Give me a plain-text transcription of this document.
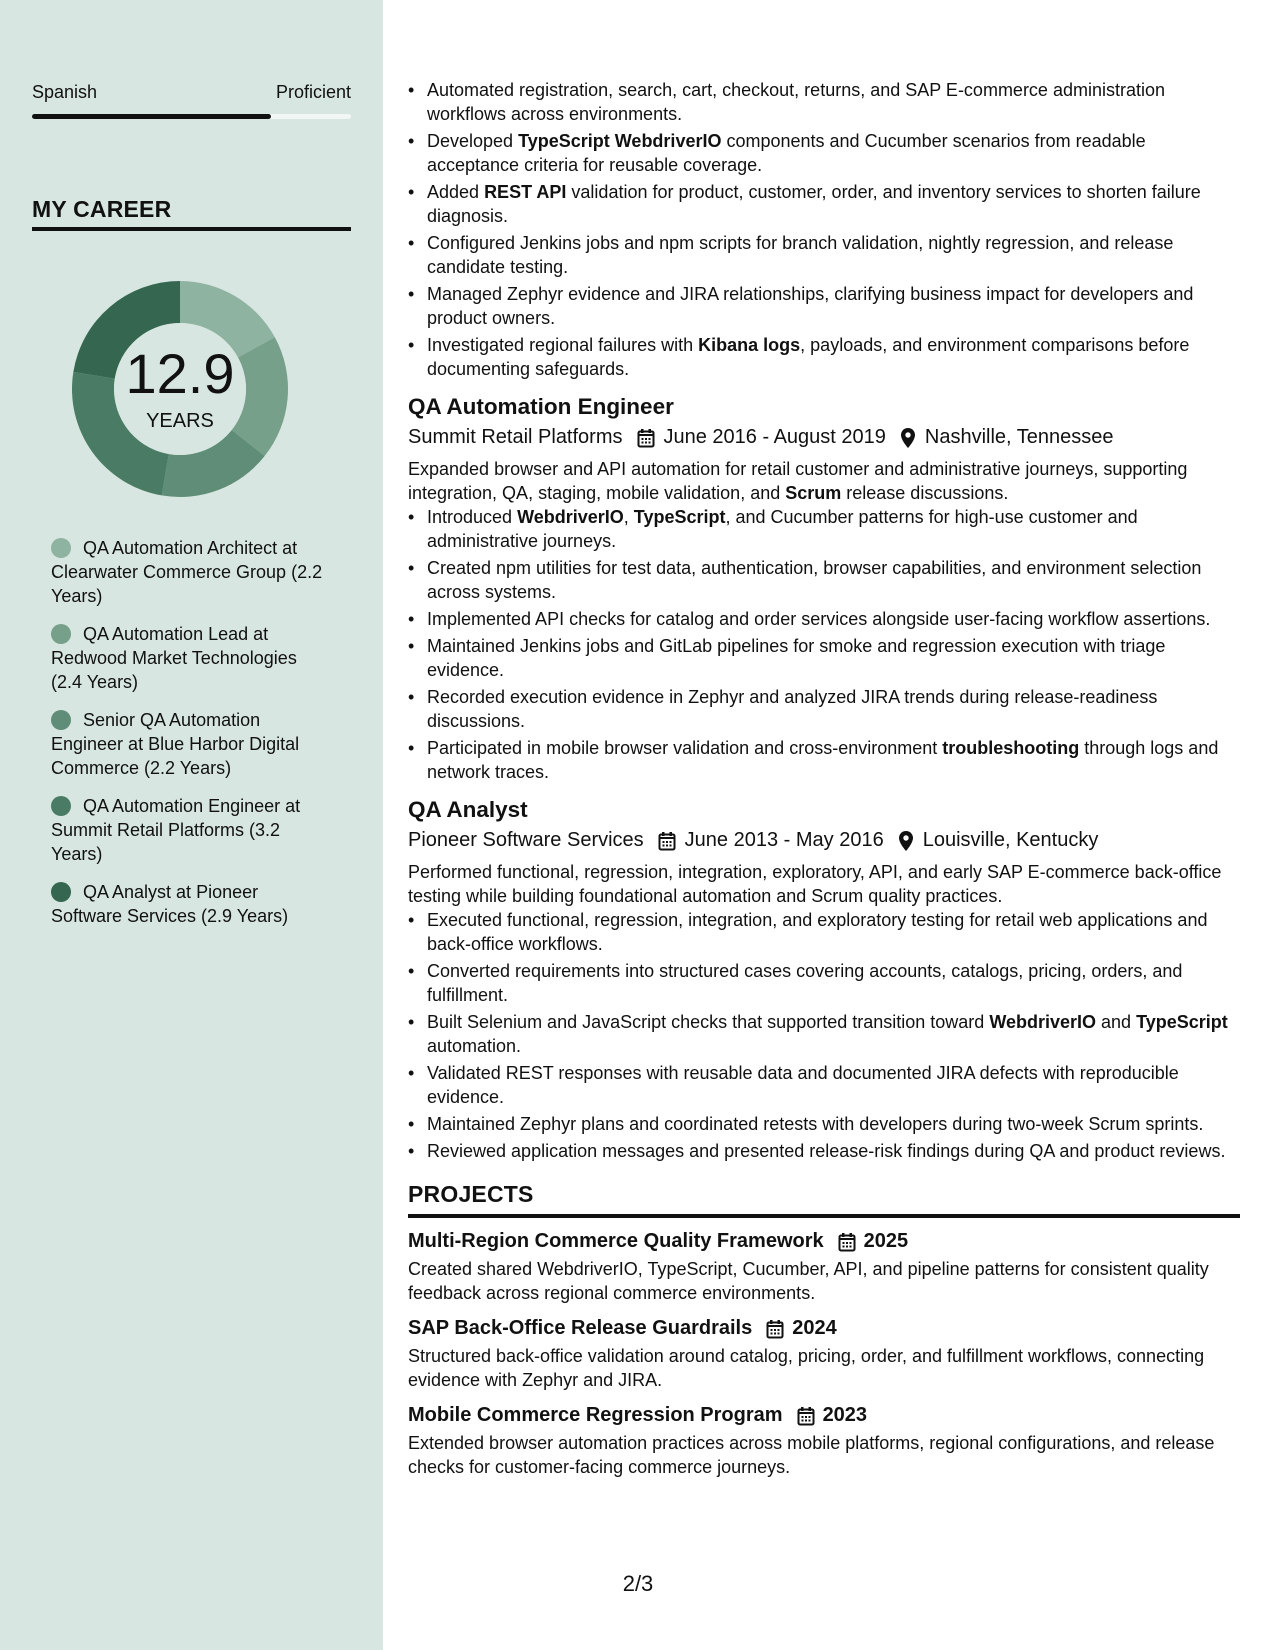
Spanish	Proficient
MY CAREER
12.9
YEARS
QA Automation Architect at Clearwater Commerce Group (2.2 Years)
QA Automation Lead at Redwood Market Technologies (2.4 Years)
Senior QA Automation Engineer at Blue Harbor Digital Commerce (2.2 Years)
QA Automation Engineer at Summit Retail Platforms (3.2 Years)
QA Analyst at Pioneer Software Services (2.9 Years)
• Automated registration, search, cart, checkout, returns, and SAP E-commerce administration workflows across environments.
• Developed TypeScript WebdriverIO components and Cucumber scenarios from readable acceptance criteria for reusable coverage.
• Added REST API validation for product, customer, order, and inventory services to shorten failure diagnosis.
• Configured Jenkins jobs and npm scripts for branch validation, nightly regression, and release candidate testing.
• Managed Zephyr evidence and JIRA relationships, clarifying business impact for developers and product owners.
• Investigated regional failures with Kibana logs, payloads, and environment comparisons before documenting safeguards.
QA Automation Engineer
Summit Retail Platforms June 2016 - August 2019 Nashville, Tennessee
Expanded browser and API automation for retail customer and administrative journeys, supporting integration, QA, staging, mobile validation, and Scrum release discussions.
• Introduced WebdriverIO, TypeScript, and Cucumber patterns for high-use customer and administrative journeys.
• Created npm utilities for test data, authentication, browser capabilities, and environment selection across systems.
• Implemented API checks for catalog and order services alongside user-facing workflow assertions.
• Maintained Jenkins jobs and GitLab pipelines for smoke and regression execution with triage evidence.
• Recorded execution evidence in Zephyr and analyzed JIRA trends during release-readiness discussions.
• Participated in mobile browser validation and cross-environment troubleshooting through logs and network traces.
QA Analyst
Pioneer Software Services June 2013 - May 2016 Louisville, Kentucky
Performed functional, regression, integration, exploratory, API, and early SAP E-commerce back-office testing while building foundational automation and Scrum quality practices.
• Executed functional, regression, integration, and exploratory testing for retail web applications and back-office workflows.
• Converted requirements into structured cases covering accounts, catalogs, pricing, orders, and fulfillment.
• Built Selenium and JavaScript checks that supported transition toward WebdriverIO and TypeScript automation.
• Validated REST responses with reusable data and documented JIRA defects with reproducible evidence.
• Maintained Zephyr plans and coordinated retests with developers during two-week Scrum sprints.
• Reviewed application messages and presented release-risk findings during QA and product reviews.
PROJECTS
Multi-Region Commerce Quality Framework 2025
Created shared WebdriverIO, TypeScript, Cucumber, API, and pipeline patterns for consistent quality feedback across regional commerce environments.
SAP Back-Office Release Guardrails 2024
Structured back-office validation around catalog, pricing, order, and fulfillment workflows, connecting evidence with Zephyr and JIRA.
Mobile Commerce Regression Program 2023
Extended browser automation practices across mobile platforms, regional configurations, and release checks for customer-facing commerce journeys.
2/3
